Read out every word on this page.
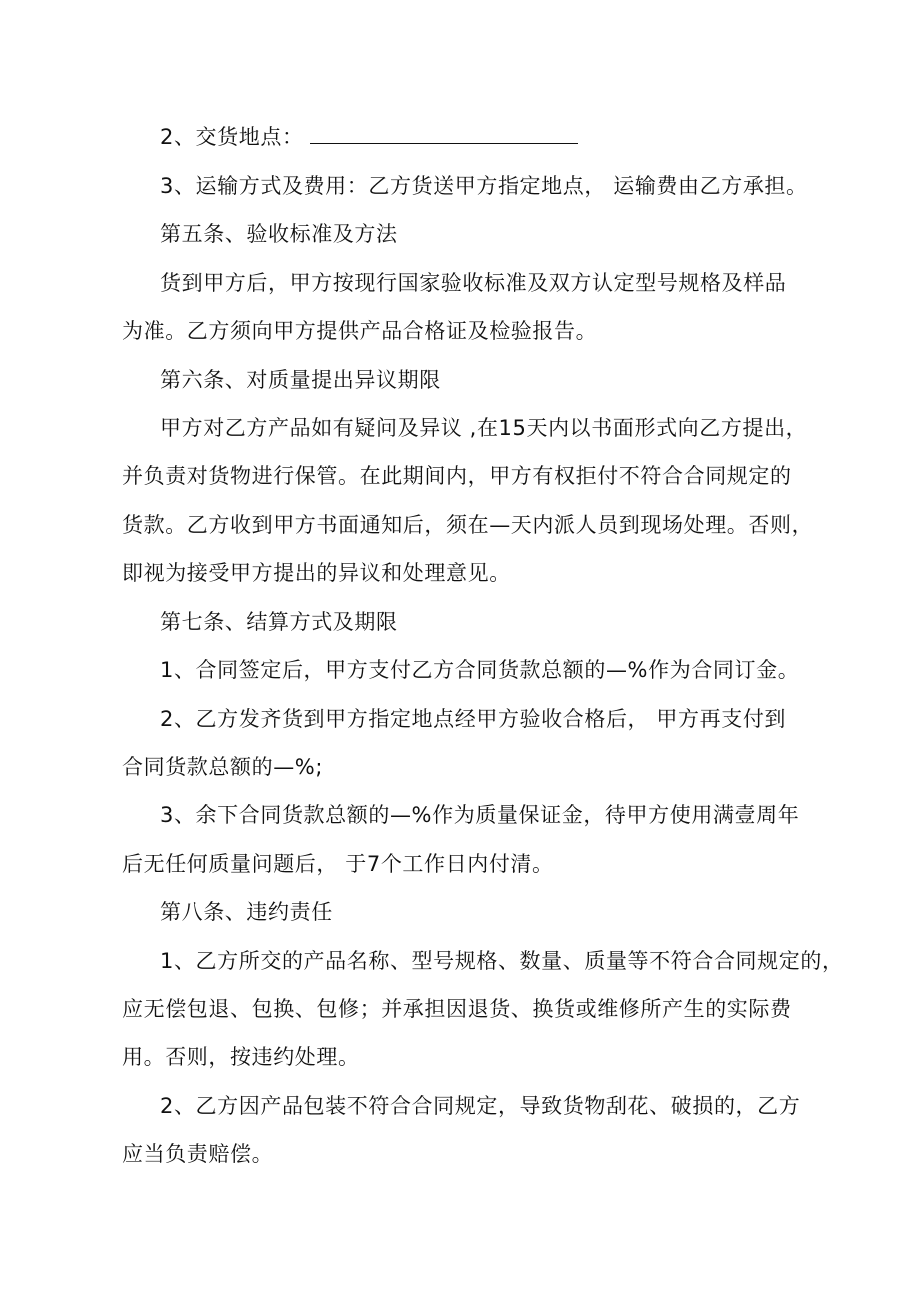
2、交货地点：
3、运输方式及费用：乙方货送甲方指定地点， 运输费由乙方承担。
第五条、验收标准及方法
货到甲方后，甲方按现行国家验收标准及双方认定型号规格及样品
为准。乙方须向甲方提供产品合格证及检验报告。
第六条、对质量提出异议期限
甲方对乙方产品如有疑问及异议 ,在15天内以书面形式向乙方提出，
并负责对货物进行保管。在此期间内，甲方有权拒付不符合合同规定的
货款。乙方收到甲方书面通知后，须在—天内派人员到现场处理。否则，
即视为接受甲方提出的异议和处理意见。
第七条、结算方式及期限
1、合同签定后，甲方支付乙方合同货款总额的—%作为合同订金。
2、乙方发齐货到甲方指定地点经甲方验收合格后， 甲方再支付到
合同货款总额的—%;
3、余下合同货款总额的—%作为质量保证金，待甲方使用满壹周年
后无任何质量问题后， 于7个工作日内付清。
第八条、违约责任
1、乙方所交的产品名称、型号规格、数量、质量等不符合合同规定的，
应无偿包退、包换、包修；并承担因退货、换货或维修所产生的实际费
用。否则，按违约处理。
2、乙方因产品包装不符合合同规定，导致货物刮花、破损的，乙方
应当负责赔偿。
